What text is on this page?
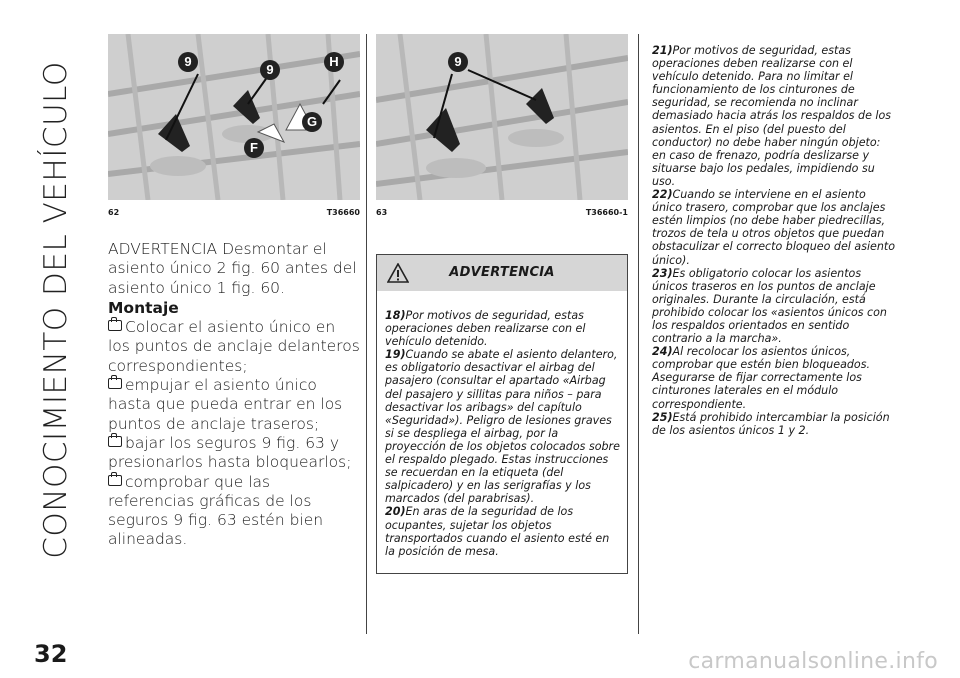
CONOCIMIENTO DEL VEHÍCULO	9
9
H
G
F
62	T36660
9
63	T36660-1

ADVERTENCIA Desmontar el asiento único 2 fig. 60 antes del asiento único 1 fig. 60.

Montaje

Colocar el asiento único en los puntos de anclaje delanteros correspondientes;

empujar el asiento único hasta que pueda entrar en los puntos de anclaje traseros;

bajar los seguros 9 fig. 63 y presionarlos hasta bloquearlos;

comprobar que las referencias gráficas de los seguros 9 fig. 63 estén bien alineadas.

ADVERTENCIA

18)Por motivos de seguridad, estas operaciones deben realizarse con el vehículo detenido.

19)Cuando se abate el asiento delantero, es obligatorio desactivar el airbag del pasajero (consultar el apartado «Airbag del pasajero y sillitas para niños – para desactivar los aribags» del capítulo «Seguridad»). Peligro de lesiones graves si se despliega el airbag, por la proyección de los objetos colocados sobre el respaldo plegado. Estas instrucciones se recuerdan en la etiqueta (del salpicadero) y en las serigrafías y los marcados (del parabrisas).

20)En aras de la seguridad de los ocupantes, sujetar los objetos transportados cuando el asiento esté en la posición de mesa.

21)Por motivos de seguridad, estas operaciones deben realizarse con el vehículo detenido. Para no limitar el funcionamiento de los cinturones de seguridad, se recomienda no inclinar demasiado hacia atrás los respaldos de los asientos. En el piso (del puesto del conductor) no debe haber ningún objeto: en caso de frenazo, podría deslizarse y situarse bajo los pedales, impidiendo su uso.

22)Cuando se interviene en el asiento único trasero, comprobar que los anclajes estén limpios (no debe haber piedrecillas, trozos de tela u otros objetos que puedan obstaculizar el correcto bloqueo del asiento único).

23)Es obligatorio colocar los asientos únicos traseros en los puntos de anclaje originales. Durante la circulación, está prohibido colocar los «asientos únicos con los respaldos orientados en sentido contrario a la marcha».

24)Al recolocar los asientos únicos, comprobar que estén bien bloqueados. Asegurarse de fijar correctamente los cinturones laterales en el módulo correspondiente.

25)Está prohibido intercambiar la posición de los asientos únicos 1 y 2.

32	carmanualsonline.info
